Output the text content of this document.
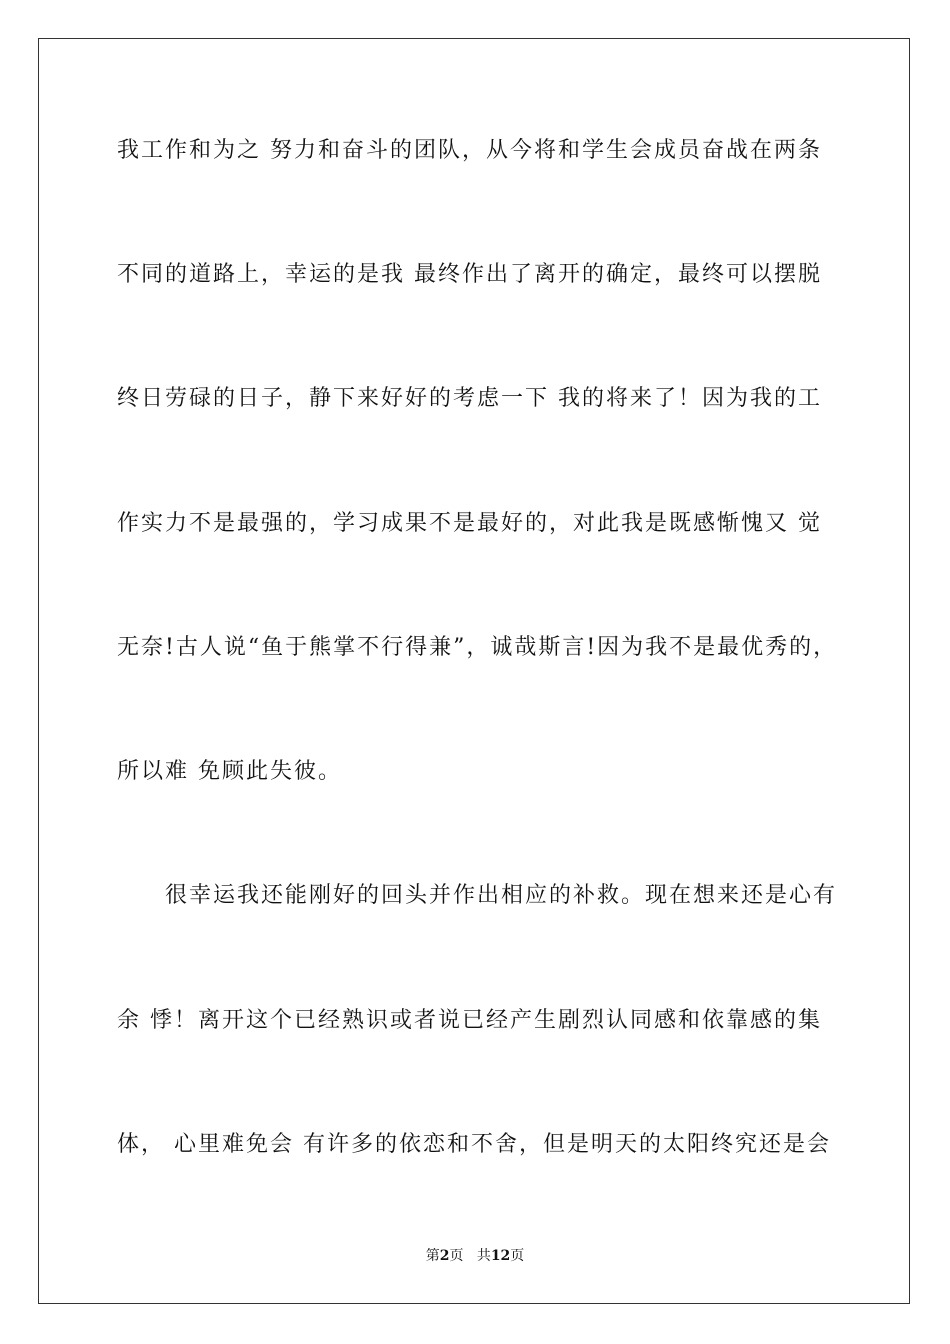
我工作和为之 努力和奋斗的团队，从今将和学生会成员奋战在两条
不同的道路上，幸运的是我 最终作出了离开的确定，最终可以摆脱
终日劳碌的日子，静下来好好的考虑一下 我的将来了！因为我的工
作实力不是最强的，学习成果不是最好的，对此我是既感惭愧又 觉
无奈!古人说“鱼于熊掌不行得兼”，诚哉斯言!因为我不是最优秀的，
所以难 免顾此失彼。
　　很幸运我还能刚好的回头并作出相应的补救。现在想来还是心有
余 悸！离开这个已经熟识或者说已经产生剧烈认同感和依靠感的集
体， 心里难免会 有许多的依恋和不舍，但是明天的太阳终究还是会
第2页 共12页
